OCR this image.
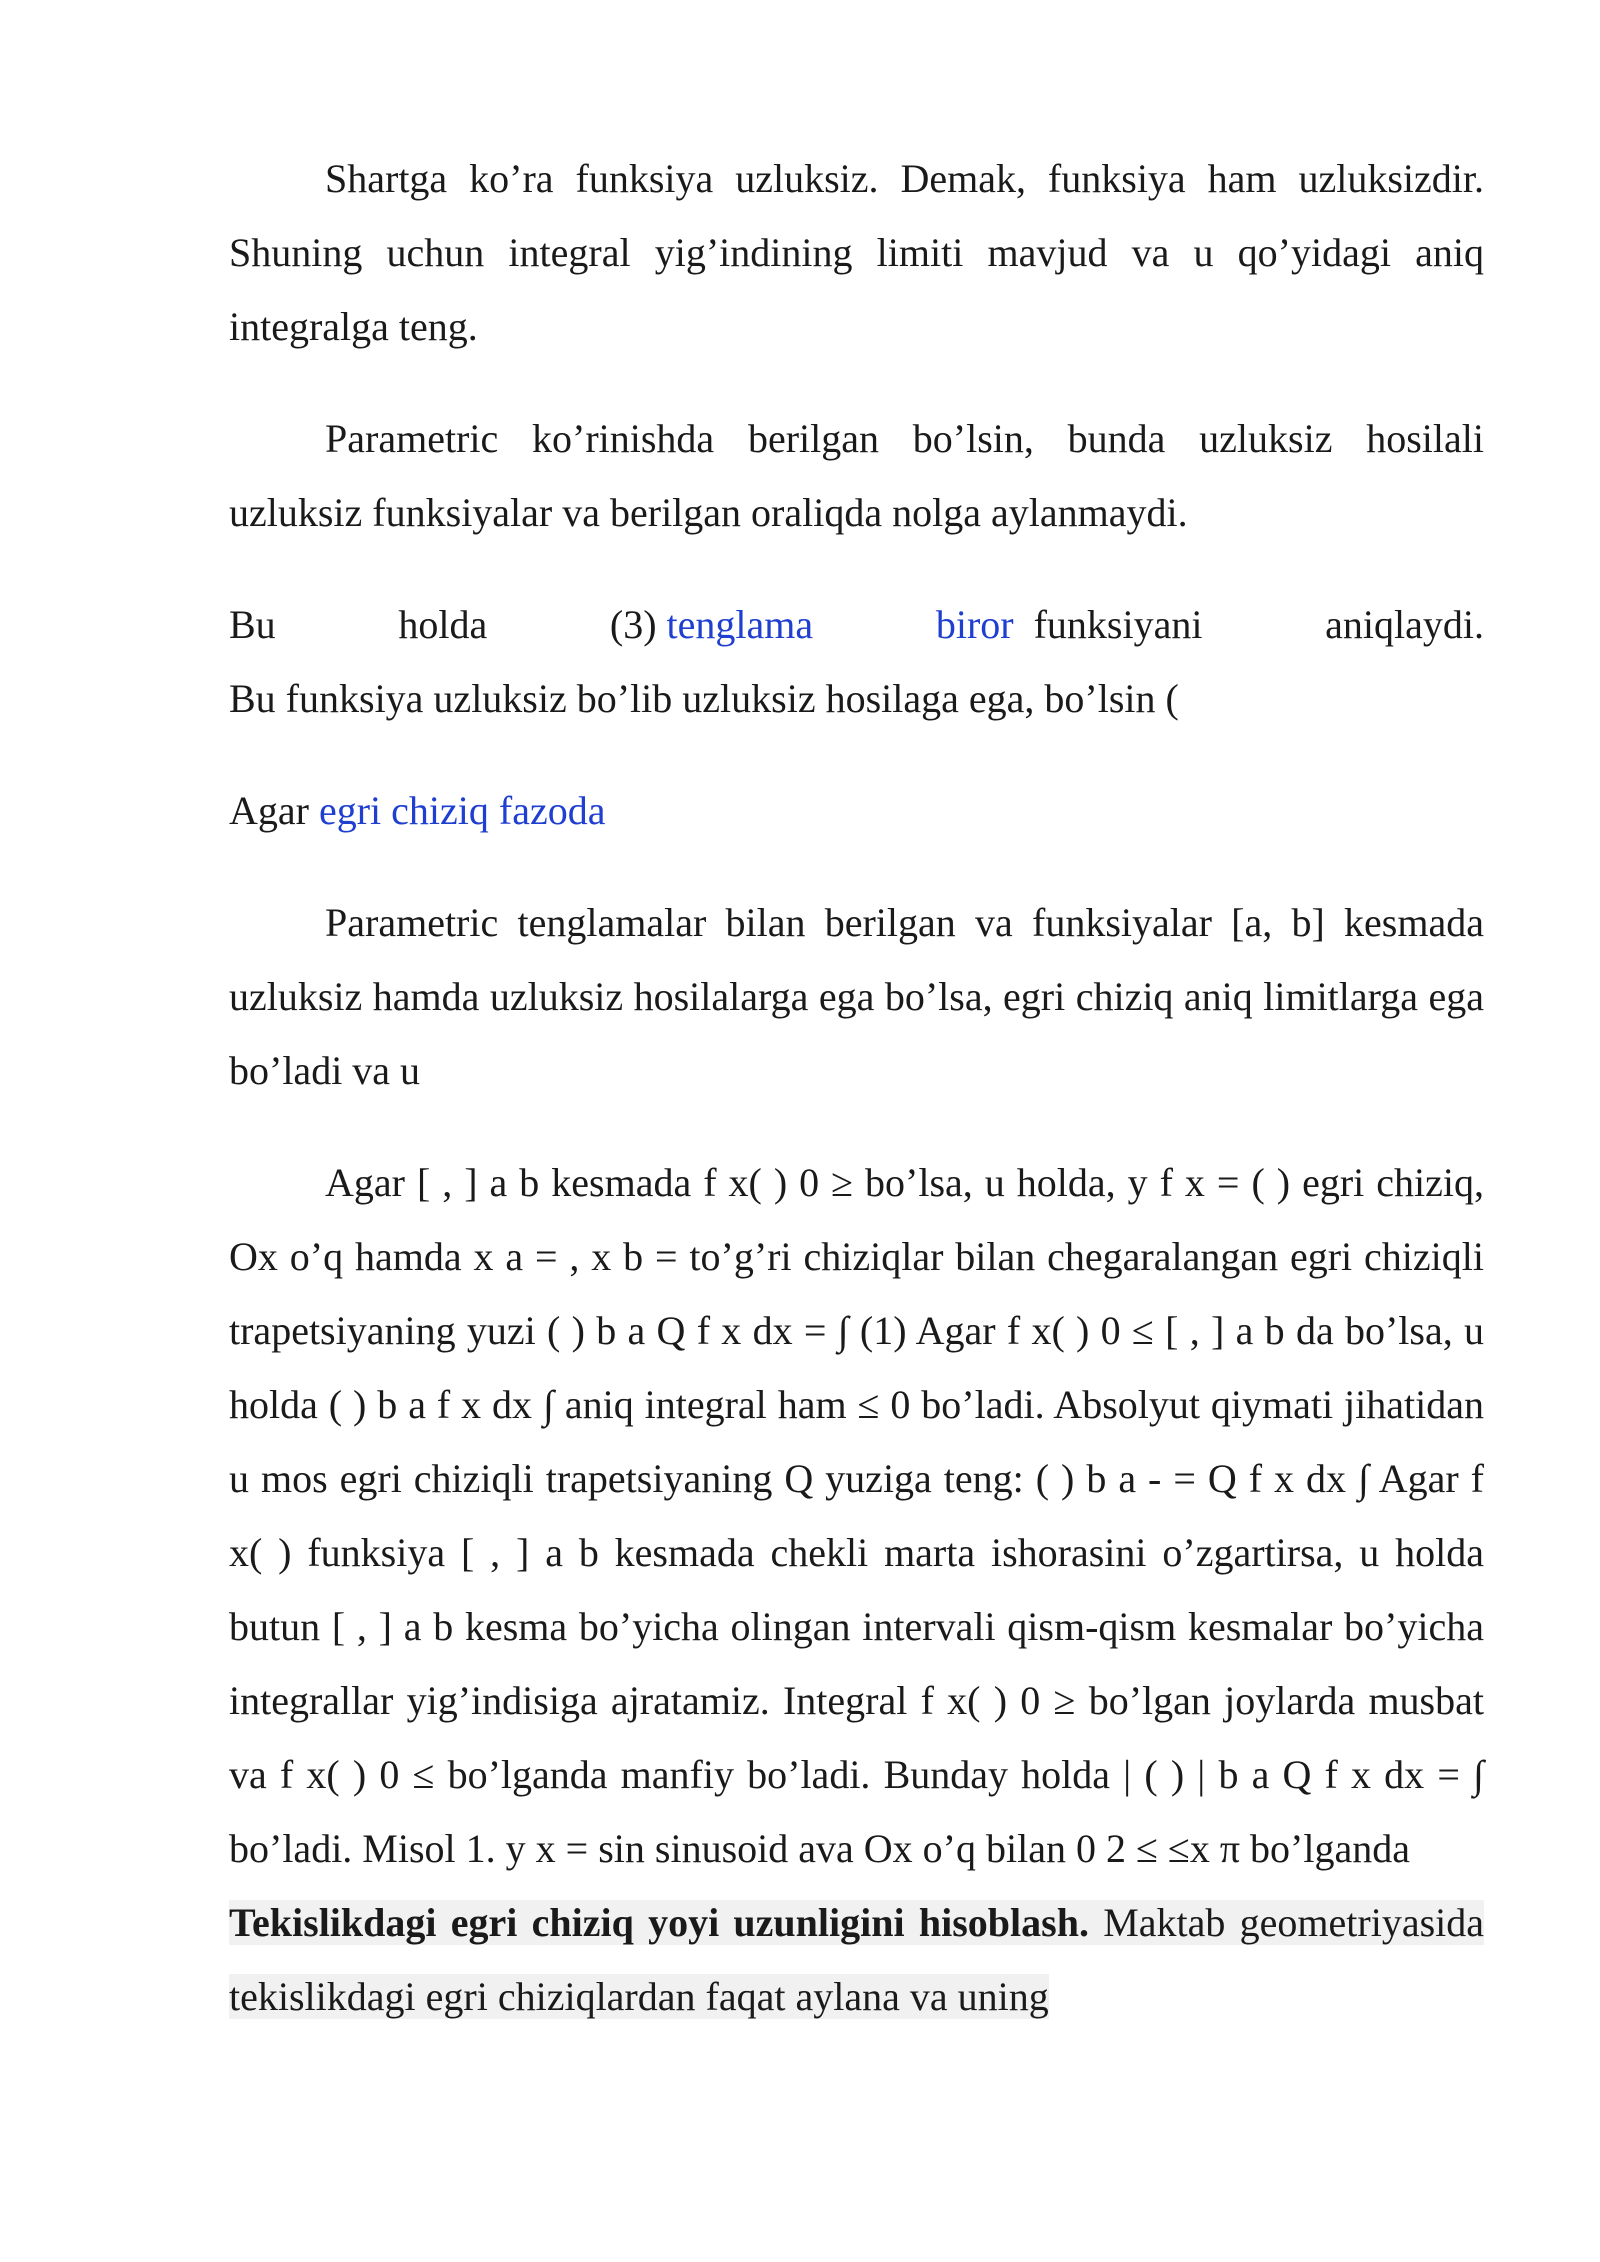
Shartga ko’ra funksiya uzluksiz. Demak, funksiya ham uzluksizdir. Shuning uchun integral yig’indining limiti mavjud va u qo’yidagi aniq integralga teng.

Parametric ko’rinishda berilgan bo’lsin, bunda uzluksiz hosilali uzluksiz funksiyalar va berilgan oraliqda nolga aylanmaydi.

Bu	holda	(3) tenglama	biror funksiyani	aniqlaydi.
Bu funksiya uzluksiz bo’lib uzluksiz hosilaga ega, bo’lsin (

Agar egri chiziq fazoda

Parametric tenglamalar bilan berilgan va funksiyalar [a, b] kesmada uzluksiz hamda uzluksiz hosilalarga ega bo’lsa, egri chiziq aniq limitlarga ega bo’ladi va u

Agar [ , ] a b kesmada f x( ) 0 ≥ bo’lsa, u holda, y f x = ( ) egri chiziq, Ox o’q hamda x a = , x b = to’g’ri chiziqlar bilan chegaralangan egri chiziqli trapetsiyaning yuzi ( ) b a Q f x dx = ∫ (1) Agar f x( ) 0 ≤ [ , ] a b da bo’lsa, u holda ( ) b a f x dx ∫ aniq integral ham ≤ 0 bo’ladi. Absolyut qiymati jihatidan u mos egri chiziqli trapetsiyaning Q yuziga teng: ( ) b a - = Q f x dx ∫ Agar f x( ) funksiya [ , ] a b kesmada chekli marta ishorasini o’zgartirsa, u holda butun [ , ] a b kesma bo’yicha olingan intervali qism-qism kesmalar bo’yicha integrallar yig’indisiga ajratamiz. Integral f x( ) 0 ≥ bo’lgan joylarda musbat va f x( ) 0 ≤ bo’lganda manfiy bo’ladi. Bunday holda | ( ) | b a Q f x dx = ∫ bo’ladi. Misol 1. y x = sin sinusoid ava Ox o’q bilan 0 2 ≤ ≤x π bo’lganda

Tekislikdagi egri chiziq yoyi uzunligini hisoblash. Maktab geometriyasida tekislikdagi egri chiziqlardan faqat aylana va uning
